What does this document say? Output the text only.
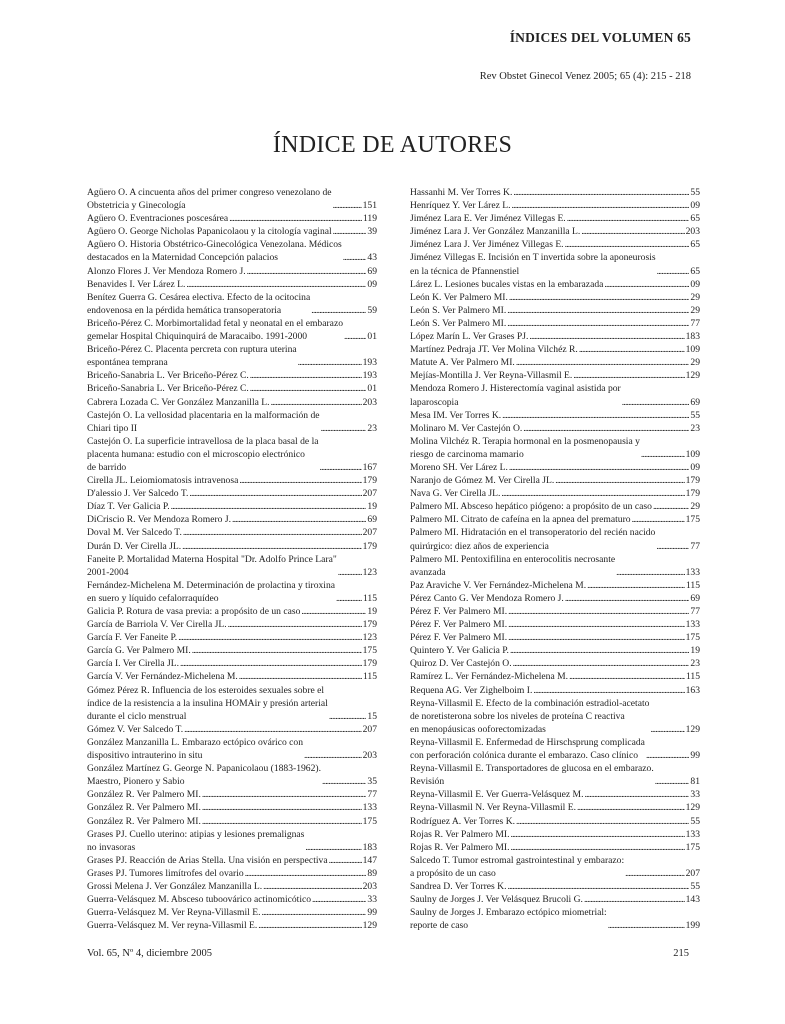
ÍNDICES DEL VOLUMEN 65
Rev Obstet Ginecol Venez 2005; 65 (4): 215 - 218
ÍNDICE DE AUTORES
Agüero O. A cincuenta años del primer congreso venezolano de
Obstetricia y Ginecología . . .	151
Agüero O. Eventraciones poscesárea . . .	119
Agüero O. George Nicholas Papanicolaou y la citología vaginal . . .	39
Agüero O. Historia Obstétrico-Ginecológica Venezolana. Médicos
destacados en la Maternidad Concepción palacios . . .	43
Alonzo Flores J. Ver Mendoza Romero J. . . .	69
Benavides I. Ver Lárez L. . . .	09
Benítez Guerra G. Cesárea electiva. Efecto de la ocitocina
endovenosa en la pérdida hemática transoperatoria . . .	59
Briceño-Pérez C. Morbimortalidad fetal y neonatal en el embarazo
gemelar Hospital Chiquinquirá de Maracaibo. 1991-2000 . . .	01
Briceño-Pérez C. Placenta percreta con ruptura uterina
espontánea temprana . . .	193
Briceño-Sanabria L. Ver Briceño-Pérez C. . . .	193
Briceño-Sanabria L. Ver Briceño-Pérez C. . . .	01
Cabrera Lozada C. Ver González Manzanilla L. . . .	203
Castejón O. La vellosidad placentaria en la malformación de
Chiari tipo II . . .	23
Castejón O. La superficie intravellosa de la placa basal de la
placenta humana: estudio con el microscopio electrónico
de barrido . . .	167
Cirella JL. Leiomiomatosis intravenosa . . .	179
D'alessio J. Ver Salcedo T. . . .	207
Díaz T. Ver Galicia P. . . .	19
DiCriscio R. Ver Mendoza Romero J. . . .	69
Doval M. Ver Salcedo T. . . .	207
Durán D. Ver Cirella JL. . . .	179
Faneite P. Mortalidad Materna Hospital "Dr. Adolfo Prince Lara"
2001-2004 . . .	123
Fernández-Michelena M. Determinación de prolactina y tiroxina
en suero y líquido cefalorraquídeo . . .	115
Galicia P. Rotura de vasa previa: a propósito de un caso . . .	19
García de Barriola V. Ver Cirella JL. . . .	179
García F. Ver Faneite P. . . .	123
García G. Ver Palmero MI. . . .	175
García I. Ver Cirella JL. . . .	179
García V. Ver Fernández-Michelena M. . . .	115
Gómez Pérez R. Influencia de los esteroides sexuales sobre el
índice de la resistencia a la insulina HOMAir y presión arterial
durante el ciclo menstrual . . .	15
Gómez V. Ver Salcedo T. . . .	207
González Manzanilla L. Embarazo ectópico ovárico con
dispositivo intrauterino in situ . . .	203
González Martínez G. George N. Papanicolaou (1883-1962).
Maestro, Pionero y Sabio . . .	35
González R. Ver Palmero MI. . . .	77
González R. Ver Palmero MI. . . .	133
González R. Ver Palmero MI. . . .	175
Grases PJ. Cuello uterino: atipias y lesiones premalignas
no invasoras . . .	183
Grases PJ. Reacción de Arias Stella. Una visión en perspectiva . . .	147
Grases PJ. Tumores limítrofes del ovario . . .	89
Grossi Melena J. Ver González Manzanilla L. . . .	203
Guerra-Velásquez M. Absceso tuboovárico actinomicótico . . .	33
Guerra-Velásquez M. Ver Reyna-Villasmil E. . . .	99
Guerra-Velásquez M. Ver reyna-Villasmil E. . . .	129
Hassanhi M. Ver Torres K. . . .	55
Henríquez Y. Ver Lárez L. . . .	09
Jiménez Lara E. Ver Jiménez Villegas E. . . .	65
Jiménez Lara J. Ver González Manzanilla L. . . .	203
Jiménez Lara J. Ver Jiménez Villegas E. . . .	65
Jiménez Villegas E. Incisión en T invertida sobre la aponeurosis
en la técnica de Pfannenstiel . . .	65
Lárez L. Lesiones bucales vistas en la embarazada . . .	09
León K. Ver Palmero MI. . . .	29
León S. Ver Palmero MI. . . .	29
León S. Ver Palmero MI. . . .	77
López Marín L. Ver Grases PJ. . . .	183
Martínez Pedraja JT. Ver Molina Vilchéz R. . . .	109
Matute A. Ver Palmero MI. . . .	29
Mejías-Montilla J. Ver Reyna-Villasmil E. . . .	129
Mendoza Romero J. Histerectomía vaginal asistida por
laparoscopia . . .	69
Mesa IM. Ver Torres K. . . .	55
Molinaro M. Ver Castejón O. . . .	23
Molina Vilchéz R. Terapia hormonal en la posmenopausia y
riesgo de carcinoma mamario . . .	109
Moreno SH. Ver Lárez L. . . .	09
Naranjo de Gómez M. Ver Cirella JL. . . .	179
Nava G. Ver Cirella JL. . . .	179
Palmero MI. Absceso hepático piógeno: a propósito de un caso . . .	29
Palmero MI. Citrato de cafeína en la apnea del prematuro . . .	175
Palmero MI. Hidratación en el transoperatorio del recién nacido
quirúrgico: diez años de experiencia . . .	77
Palmero MI. Pentoxifilina en enterocolitis necrosante
avanzada . . .	133
Paz Araviche V. Ver Fernández-Michelena M. . . .	115
Pérez Canto G. Ver Mendoza Romero J. . . .	69
Pérez F. Ver Palmero MI. . . .	77
Pérez F. Ver Palmero MI. . . .	133
Pérez F. Ver Palmero MI. . . .	175
Quintero Y. Ver Galicia P. . . .	19
Quiroz D. Ver Castejón O. . . .	23
Ramírez L. Ver Fernández-Michelena M. . . .	115
Requena AG. Ver Zighelboim I. . . .	163
Reyna-Villasmil E. Efecto de la combinación estradiol-acetato
de noretisterona sobre los niveles de proteína C reactiva
en menopáusicas ooforectomizadas . . .	129
Reyna-Villasmil E. Enfermedad de Hirschsprung complicada
con perforación colónica durante el embarazo. Caso clínico . . .	99
Reyna-Villasmil E. Transportadores de glucosa en el embarazo.
Revisión . . .	81
Reyna-Villasmil E. Ver Guerra-Velásquez M. . . .	33
Reyna-Villasmil N. Ver Reyna-Villasmil E. . . .	129
Rodríguez A. Ver Torres K. . . .	55
Rojas R. Ver Palmero MI. . . .	133
Rojas R. Ver Palmero MI. . . .	175
Salcedo T. Tumor estromal gastrointestinal y embarazo:
a propósito de un caso . . .	207
Sandrea D. Ver Torres K. . . .	55
Saulny de Jorges J. Ver Velásquez Brucoli G. . . .	143
Saulny de Jorges J. Embarazo ectópico miometrial:
reporte de caso . . .	199
Vol. 65, Nº 4, diciembre 2005	215
